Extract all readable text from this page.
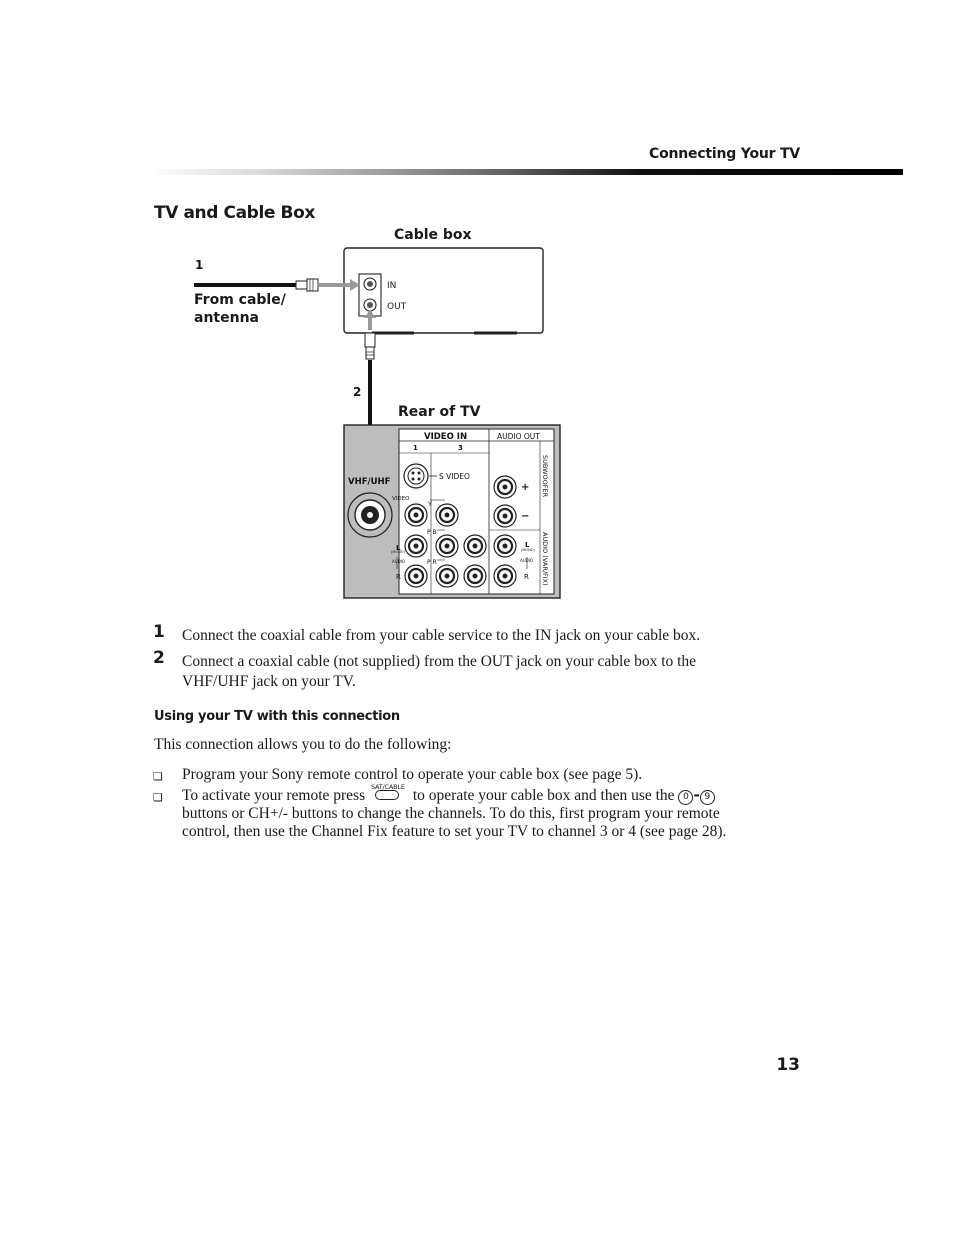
Connecting Your TV
TV and Cable Box
Cable box
IN
OUT
1
From cable/
antenna
2
Rear of TV
VIDEO IN	AUDIO OUT
1	3
S VIDEO
VHF/UHF
VIDEO
Y
P B
P R
L
(MONO)
AUDIO
R
L
(MONO)
AUDIO
R
+
−
SUBWOOFER
AUDIO (VAR/FIX)
1 Connect the coaxial cable from your cable service to the IN jack on your cable box.
2 Connect a coaxial cable (not supplied) from the OUT jack on your cable box to the
VHF/UHF jack on your TV.
Using your TV with this connection
This connection allows you to do the following:
❏ Program your Sony remote control to operate your cable box (see page 5).
❏ To activate your remote press SAT/CABLE to operate your cable box and then use the 0 - 9
buttons or CH+/- buttons to change the channels. To do this, first program your remote
control, then use the Channel Fix feature to set your TV to channel 3 or 4 (see page 28).
13
